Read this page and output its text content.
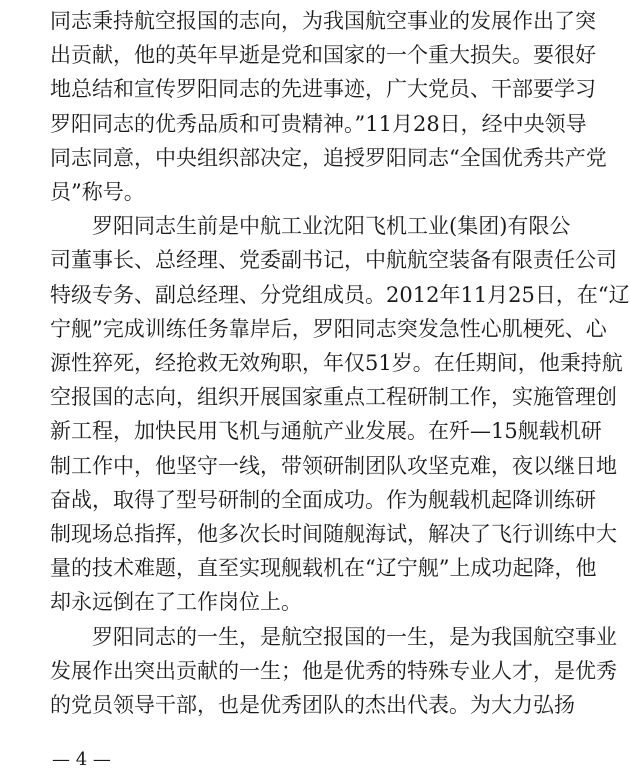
同志秉持航空报国的志向，为我国航空事业的发展作出了突
出贡献，他的英年早逝是党和国家的一个重大损失。要很好
地总结和宣传罗阳同志的先进事迹，广大党员、干部要学习
罗阳同志的优秀品质和可贵精神。”11月28日，经中央领导
同志同意，中央组织部决定，追授罗阳同志“全国优秀共产党
员”称号。
罗阳同志生前是中航工业沈阳飞机工业(集团)有限公
司董事长、总经理、党委副书记，中航航空装备有限责任公司
特级专务、副总经理、分党组成员。2012年11月25日，在“辽
宁舰”完成训练任务靠岸后，罗阳同志突发急性心肌梗死、心
源性猝死，经抢救无效殉职，年仅51岁。在任期间，他秉持航
空报国的志向，组织开展国家重点工程研制工作，实施管理创
新工程，加快民用飞机与通航产业发展。在歼—15舰载机研
制工作中，他坚守一线，带领研制团队攻坚克难，夜以继日地
奋战，取得了型号研制的全面成功。作为舰载机起降训练研
制现场总指挥，他多次长时间随舰海试，解决了飞行训练中大
量的技术难题，直至实现舰载机在“辽宁舰”上成功起降，他
却永远倒在了工作岗位上。
罗阳同志的一生，是航空报国的一生，是为我国航空事业
发展作出突出贡献的一生；他是优秀的特殊专业人才，是优秀
的党员领导干部，也是优秀团队的杰出代表。为大力弘扬
— 4 —
